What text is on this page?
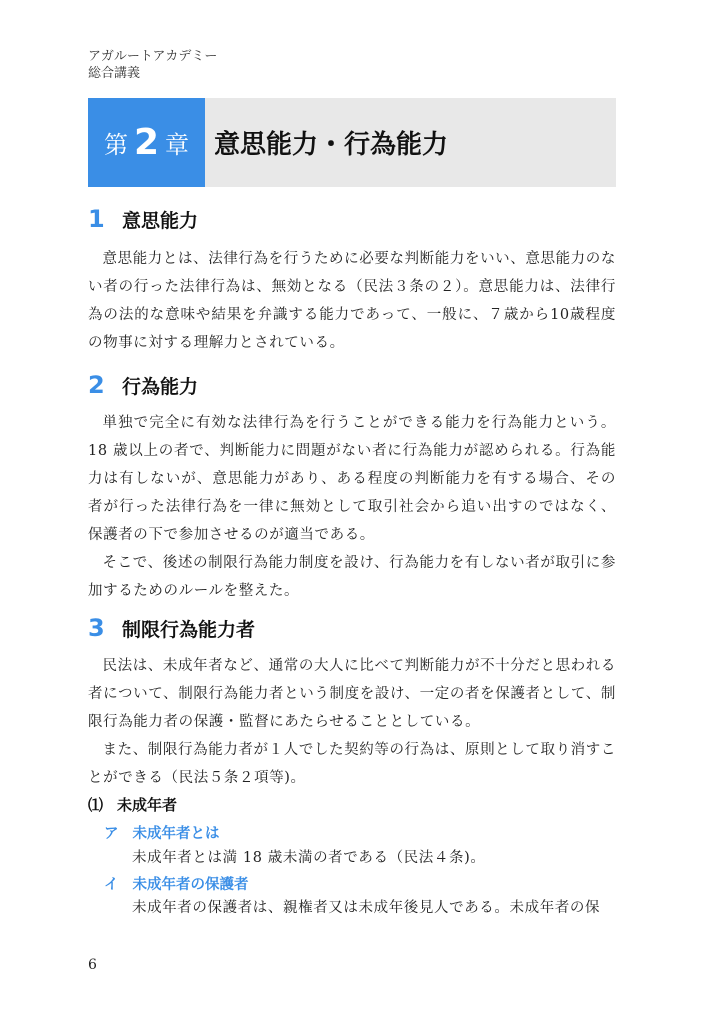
アガルートアカデミー
総合講義
第 2 章 意思能力・行為能力
1 意思能力

意思能力とは、法律行為を行うために必要な判断能力をいい、意思能力のない者の行った法律行為は、無効となる（民法３条の２）。意思能力は、法律行為の法的な意味や結果を弁識する能力であって、一般に、７歳から10歳程度の物事に対する理解力とされている。

2 行為能力

単独で完全に有効な法律行為を行うことができる能力を行為能力という。18 歳以上の者で、判断能力に問題がない者に行為能力が認められる。行為能力は有しないが、意思能力があり、ある程度の判断能力を有する場合、その者が行った法律行為を一律に無効として取引社会から追い出すのではなく、保護者の下で参加させるのが適当である。

そこで、後述の制限行為能力制度を設け、行為能力を有しない者が取引に参加するためのルールを整えた。

3 制限行為能力者

民法は、未成年者など、通常の大人に比べて判断能力が不十分だと思われる者について、制限行為能力者という制度を設け、一定の者を保護者として、制限行為能力者の保護・監督にあたらせることとしている。

また、制限行為能力者が１人でした契約等の行為は、原則として取り消すことができる（民法５条２項等)。

⑴ 未成年者
ア 未成年者とは
未成年者とは満 18 歳未満の者である（民法４条)。
イ 未成年者の保護者
未成年者の保護者は、親権者又は未成年後見人である。未成年者の保
6
